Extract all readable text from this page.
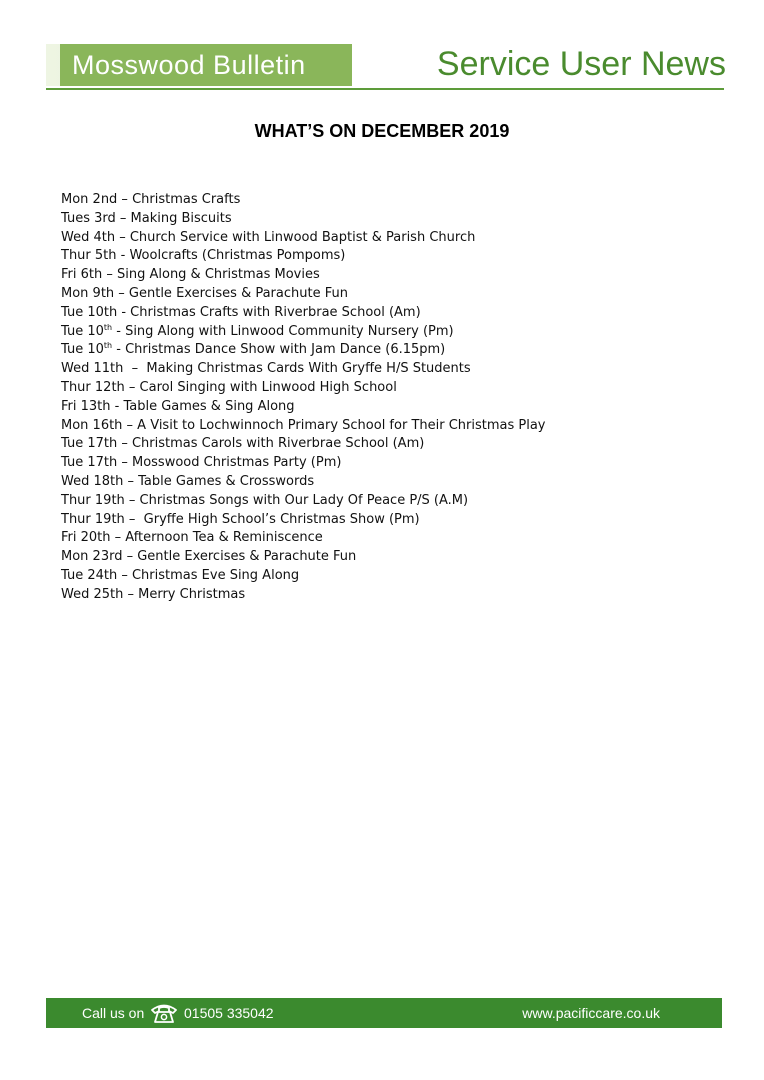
Mosswood Bulletin	Service User News
WHAT’S ON DECEMBER 2019
Mon 2nd – Christmas Crafts
Tues 3rd – Making Biscuits
Wed 4th – Church Service with Linwood Baptist & Parish Church
Thur 5th - Woolcrafts (Christmas Pompoms)
Fri 6th – Sing Along & Christmas Movies
Mon 9th – Gentle Exercises & Parachute Fun
Tue 10th - Christmas Crafts with Riverbrae School (Am)
Tue 10th - Sing Along with Linwood Community Nursery (Pm)
Tue 10th - Christmas Dance Show with Jam Dance (6.15pm)
Wed 11th  –  Making Christmas Cards With Gryffe H/S Students
Thur 12th – Carol Singing with Linwood High School
Fri 13th - Table Games & Sing Along
Mon 16th – A Visit to Lochwinnoch Primary School for Their Christmas Play
Tue 17th – Christmas Carols with Riverbrae School (Am)
Tue 17th – Mosswood Christmas Party (Pm)
Wed 18th – Table Games & Crosswords
Thur 19th – Christmas Songs with Our Lady Of Peace P/S (A.M)
Thur 19th –  Gryffe High School’s Christmas Show (Pm)
Fri 20th – Afternoon Tea & Reminiscence
Mon 23rd – Gentle Exercises & Parachute Fun
Tue 24th – Christmas Eve Sing Along
Wed 25th – Merry Christmas
Call us on	01505 335042	www.pacificcare.co.uk
